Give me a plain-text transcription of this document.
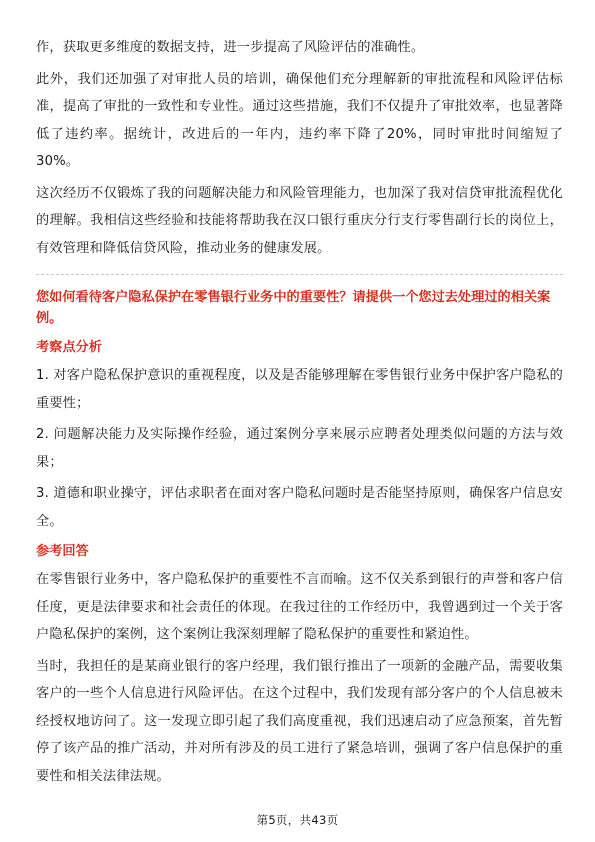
作，获取更多维度的数据支持，进一步提高了风险评估的准确性。

此外，我们还加强了对审批人员的培训，确保他们充分理解新的审批流程和风险评估标准，提高了审批的一致性和专业性。通过这些措施，我们不仅提升了审批效率，也显著降低了违约率。据统计，改进后的一年内，违约率下降了20%，同时审批时间缩短了30%。

这次经历不仅锻炼了我的问题解决能力和风险管理能力，也加深了我对信贷审批流程优化的理解。我相信这些经验和技能将帮助我在汉口银行重庆分行支行零售副行长的岗位上，有效管理和降低信贷风险，推动业务的健康发展。

您如何看待客户隐私保护在零售银行业务中的重要性？请提供一个您过去处理过的相关案例。
考察点分析

1. 对客户隐私保护意识的重视程度，以及是否能够理解在零售银行业务中保护客户隐私的重要性；

2. 问题解决能力及实际操作经验，通过案例分享来展示应聘者处理类似问题的方法与效果；

3. 道德和职业操守，评估求职者在面对客户隐私问题时是否能坚持原则，确保客户信息安全。

参考回答

在零售银行业务中，客户隐私保护的重要性不言而喻。这不仅关系到银行的声誉和客户信任度，更是法律要求和社会责任的体现。在我过往的工作经历中，我曾遇到过一个关于客户隐私保护的案例，这个案例让我深刻理解了隐私保护的重要性和紧迫性。

当时，我担任的是某商业银行的客户经理，我们银行推出了一项新的金融产品，需要收集客户的一些个人信息进行风险评估。在这个过程中，我们发现有部分客户的个人信息被未经授权地访问了。这一发现立即引起了我们高度重视，我们迅速启动了应急预案，首先暂停了该产品的推广活动，并对所有涉及的员工进行了紧急培训，强调了客户信息保护的重要性和相关法律法规。

第5页，共43页
